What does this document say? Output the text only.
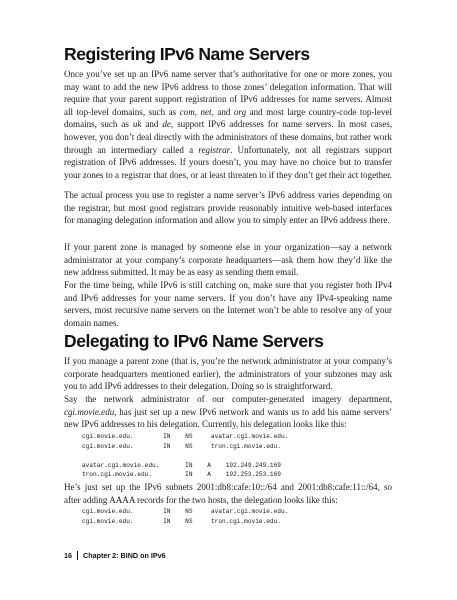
Registering IPv6 Name Servers

Once you’ve set up an IPv6 name server that’s authoritative for one or more zones, you may want to add the new IPv6 address to those zones’ delegation information. That will require that your parent support registration of IPv6 addresses for name servers. Almost all top-level domains, such as com, net, and org and most large country-code top-level domains, such as uk and de, support IPv6 addresses for name servers. In most cases, however, you don’t deal directly with the administrators of these domains, but rather work through an intermediary called a registrar. Unfortunately, not all registrars support registration of IPv6 addresses. If yours doesn’t, you may have no choice but to transfer your zones to a registrar that does, or at least threaten to if they don’t get their act together.

The actual process you use to register a name server’s IPv6 address varies depending on the registrar, but most good registrars provide reasonably intuitive web-based interfaces for managing delegation information and allow you to simply enter an IPv6 address there.

If your parent zone is managed by someone else in your organization—say a network administrator at your company’s corporate headquarters—ask them how they’d like the new address submitted. It may be as easy as sending them email.

For the time being, while IPv6 is still catching on, make sure that you register both IPv4 and IPv6 addresses for your name servers. If you don’t have any IPv4-speaking name servers, most recursive name servers on the Internet won’t be able to resolve any of your domain names.

Delegating to IPv6 Name Servers

If you manage a parent zone (that is, you’re the network administrator at your company’s corporate headquarters mentioned earlier), the administrators of your subzones may ask you to add IPv6 addresses to their delegation. Doing so is straightforward.

Say the network administrator of our computer-generated imagery department, cgi.movie.edu, has just set up a new IPv6 network and wants us to add his name servers’ new IPv6 addresses to his delegation. Currently, his delegation looks like this:

cgi.movie.edu.        IN    NS     avatar.cgi.movie.edu.
cgi.movie.edu.        IN    NS     tron.cgi.movie.edu.

avatar.cgi.movie.edu.       IN    A    192.249.249.169
tron.cgi.movie.edu.         IN    A    192.253.253.169

He’s just set up the IPv6 subnets 2001:db8:cafe:10::/64 and 2001:db8:cafe:11::/64, so after adding AAAA records for the two hosts, the delegation looks like this:

cgi.movie.edu.        IN    NS     avatar.cgi.movie.edu.
cgi.movie.edu.        IN    NS     tron.cgi.movie.edu.
16 Chapter 2: BIND on IPv6
